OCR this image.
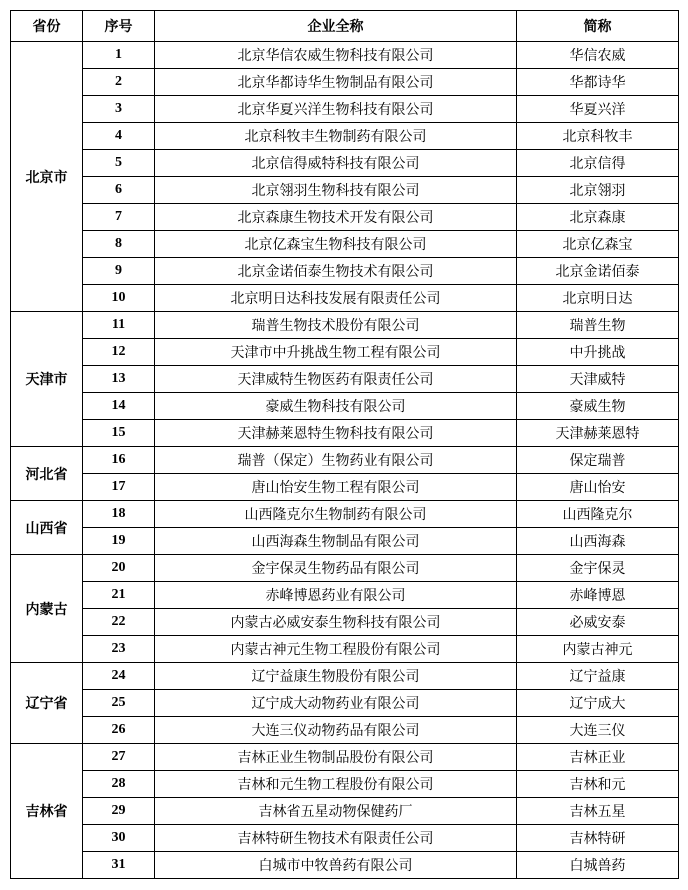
省份	序号	企业全称	简称
北京市	1	北京华信农威生物科技有限公司	华信农威
	2	北京华都诗华生物制品有限公司	华都诗华
	3	北京华夏兴洋生物科技有限公司	华夏兴洋
	4	北京科牧丰生物制药有限公司	北京科牧丰
	5	北京信得威特科技有限公司	北京信得
	6	北京翎羽生物科技有限公司	北京翎羽
	7	北京森康生物技术开发有限公司	北京森康
	8	北京亿森宝生物科技有限公司	北京亿森宝
	9	北京金诺佰泰生物技术有限公司	北京金诺佰泰
	10	北京明日达科技发展有限责任公司	北京明日达
天津市	11	瑞普生物技术股份有限公司	瑞普生物
	12	天津市中升挑战生物工程有限公司	中升挑战
	13	天津威特生物医药有限责任公司	天津威特
	14	豪威生物科技有限公司	豪威生物
	15	天津赫莱恩特生物科技有限公司	天津赫莱恩特
河北省	16	瑞普（保定）生物药业有限公司	保定瑞普
	17	唐山怡安生物工程有限公司	唐山怡安
山西省	18	山西隆克尔生物制药有限公司	山西隆克尔
	19	山西海森生物制品有限公司	山西海森
内蒙古	20	金宇保灵生物药品有限公司	金宇保灵
	21	赤峰博恩药业有限公司	赤峰博恩
	22	内蒙古必威安泰生物科技有限公司	必威安泰
	23	内蒙古神元生物工程股份有限公司	内蒙古神元
辽宁省	24	辽宁益康生物股份有限公司	辽宁益康
	25	辽宁成大动物药业有限公司	辽宁成大
	26	大连三仪动物药品有限公司	大连三仪
吉林省	27	吉林正业生物制品股份有限公司	吉林正业
	28	吉林和元生物工程股份有限公司	吉林和元
	29	吉林省五星动物保健药厂	吉林五星
	30	吉林特研生物技术有限责任公司	吉林特研
	31	白城市中牧兽药有限公司	白城兽药
